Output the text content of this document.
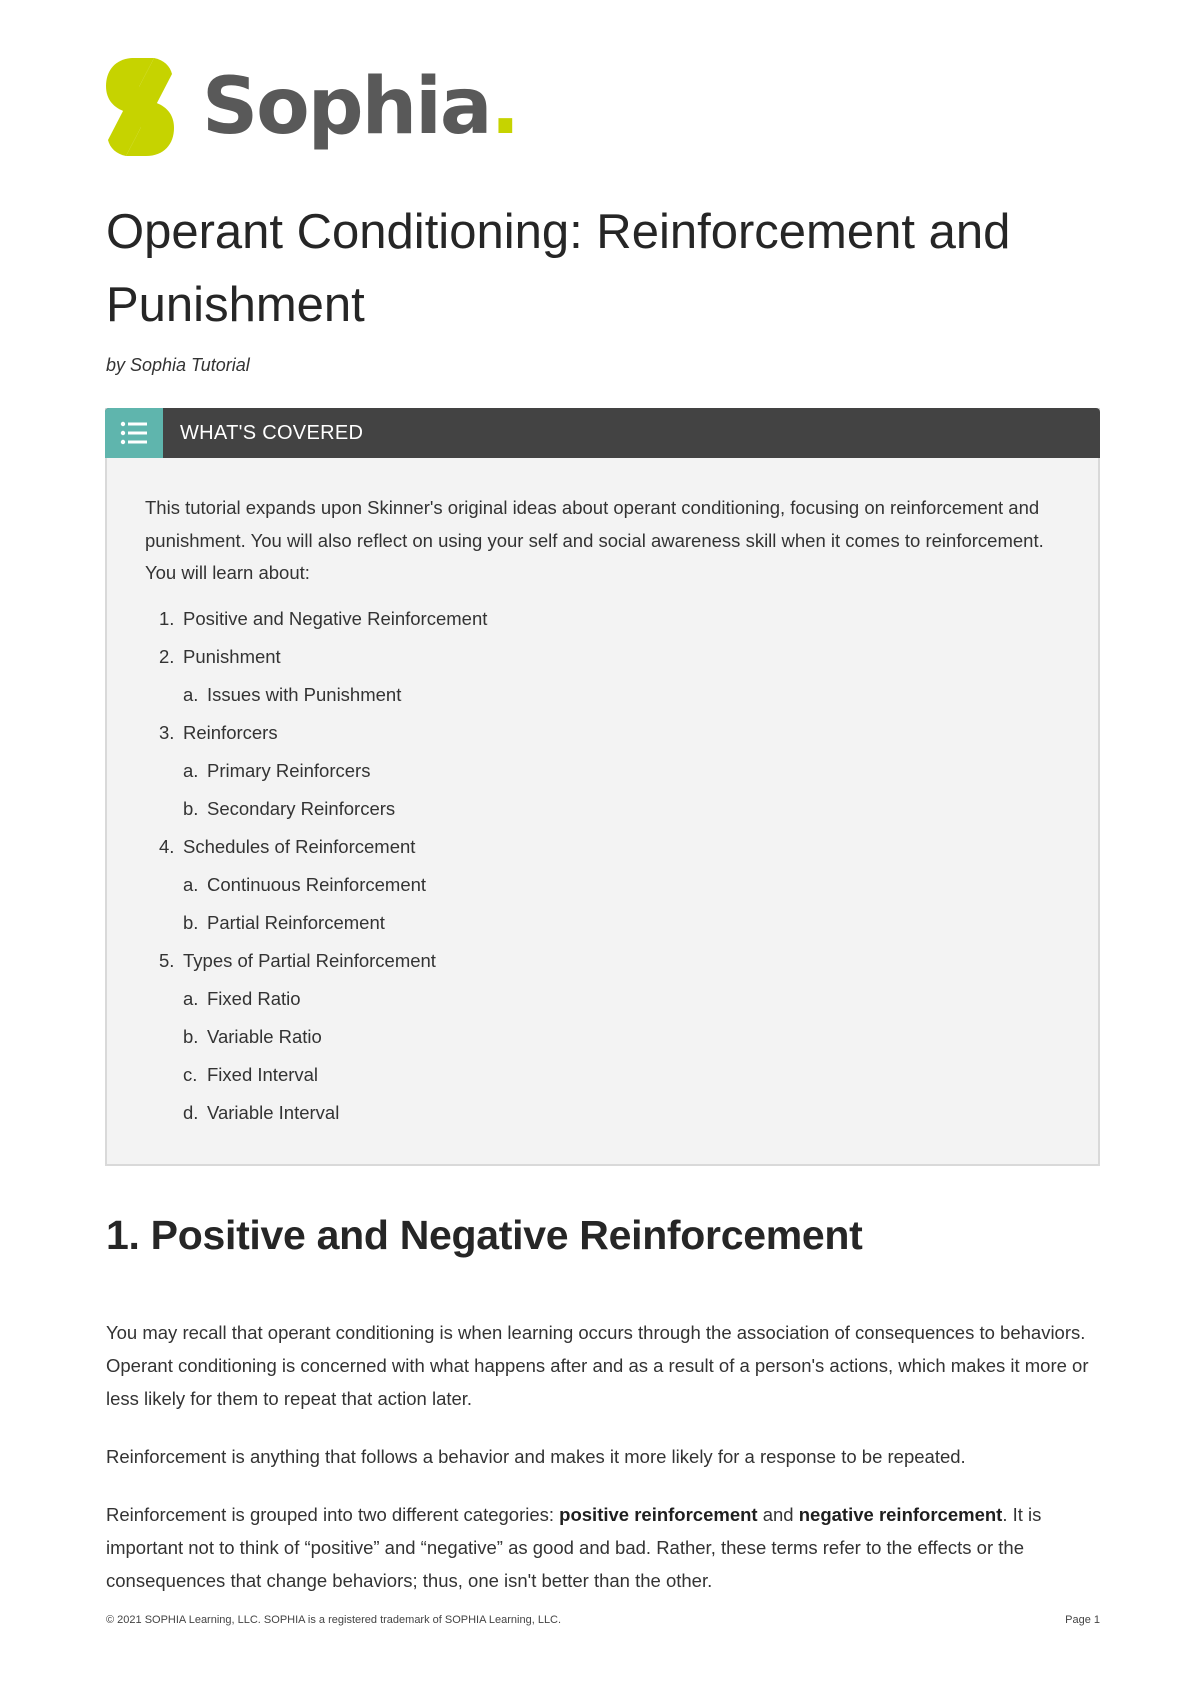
Sophia.
Operant Conditioning: Reinforcement and Punishment
by Sophia Tutorial
WHAT'S COVERED

This tutorial expands upon Skinner's original ideas about operant conditioning, focusing on reinforcement and punishment. You will also reflect on using your self and social awareness skill when it comes to reinforcement. You will learn about:

1. Positive and Negative Reinforcement
2. Punishment
a. Issues with Punishment
3. Reinforcers
a. Primary Reinforcers
b. Secondary Reinforcers
4. Schedules of Reinforcement
a. Continuous Reinforcement
b. Partial Reinforcement
5. Types of Partial Reinforcement
a. Fixed Ratio
b. Variable Ratio
c. Fixed Interval
d. Variable Interval
1. Positive and Negative Reinforcement

You may recall that operant conditioning is when learning occurs through the association of consequences to behaviors. Operant conditioning is concerned with what happens after and as a result of a person's actions, which makes it more or less likely for them to repeat that action later.

Reinforcement is anything that follows a behavior and makes it more likely for a response to be repeated.

Reinforcement is grouped into two different categories: positive reinforcement and negative reinforcement. It is important not to think of “positive” and “negative” as good and bad. Rather, these terms refer to the effects or the consequences that change behaviors; thus, one isn't better than the other.

© 2021 SOPHIA Learning, LLC. SOPHIA is a registered trademark of SOPHIA Learning, LLC.	Page 1
